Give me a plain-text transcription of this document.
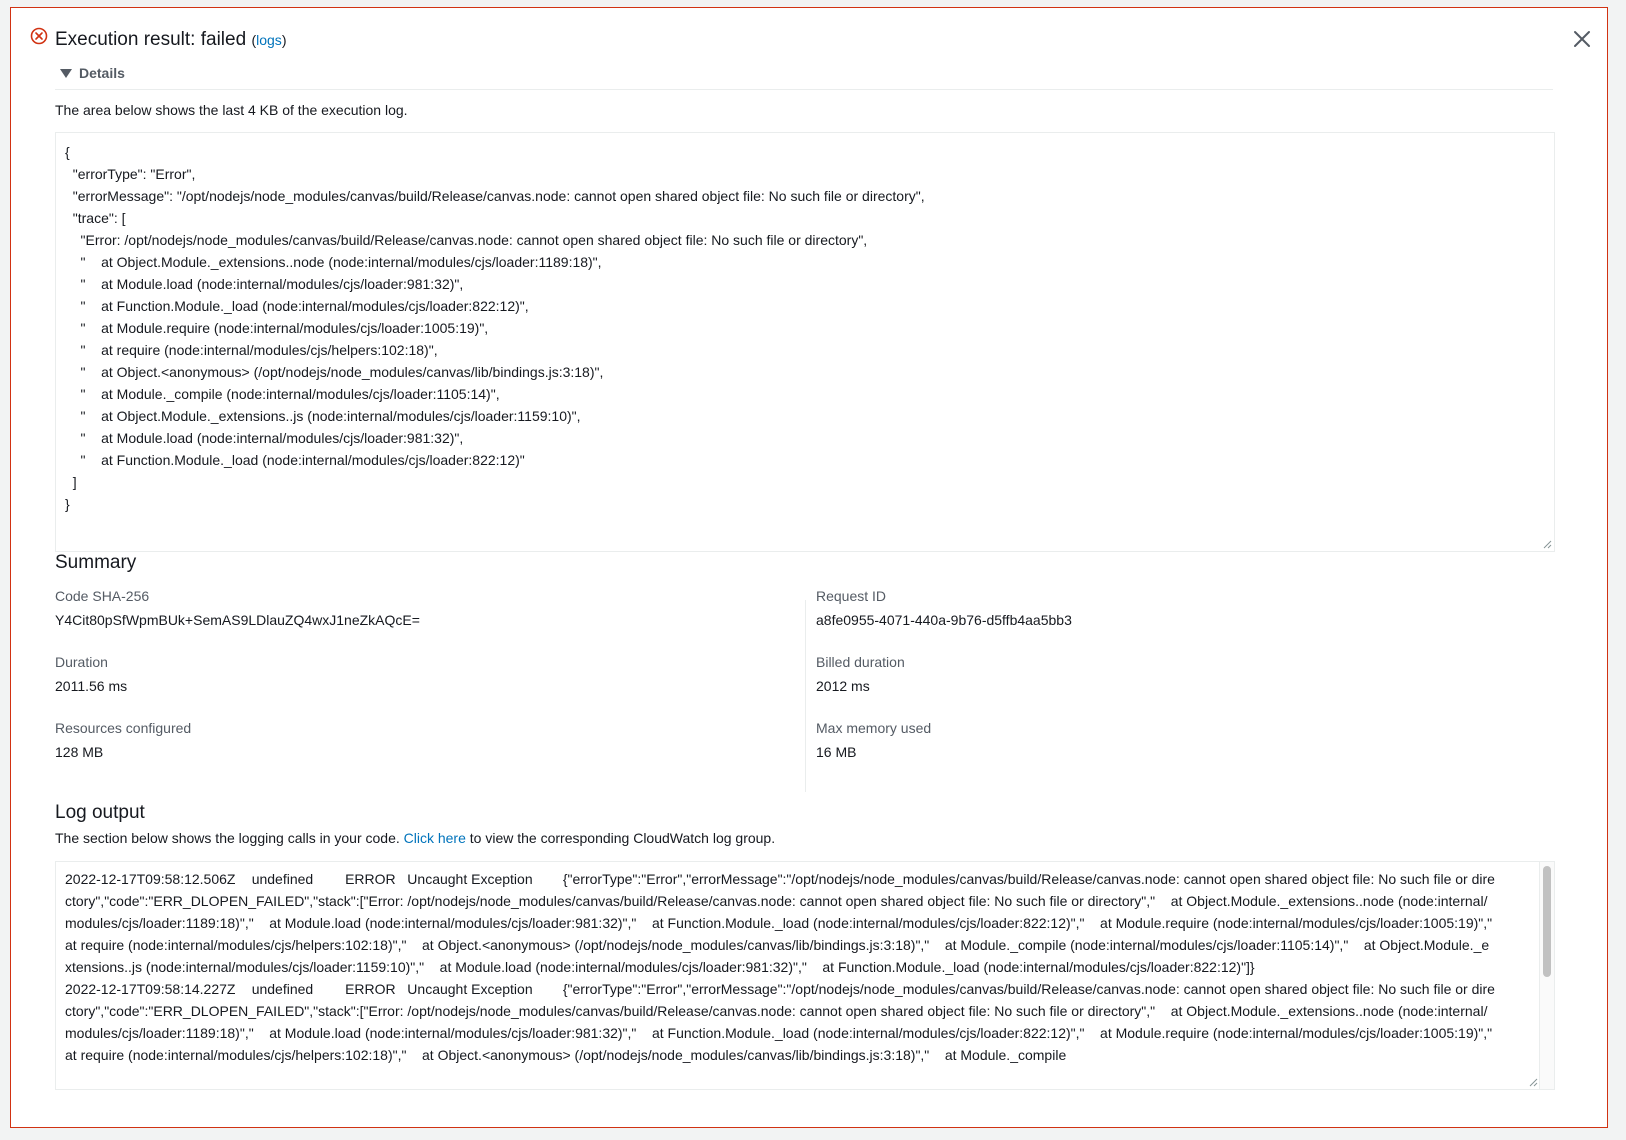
Execution result: failed (logs)
Details
The area below shows the last 4 KB of the execution log.
{
"errorType": "Error",
"errorMessage": "/opt/nodejs/node_modules/canvas/build/Release/canvas.node: cannot open shared object file: No such file or directory",
"trace": [
"Error: /opt/nodejs/node_modules/canvas/build/Release/canvas.node: cannot open shared object file: No such file or directory",
"    at Object.Module._extensions..node (node:internal/modules/cjs/loader:1189:18)",
"    at Module.load (node:internal/modules/cjs/loader:981:32)",
"    at Function.Module._load (node:internal/modules/cjs/loader:822:12)",
"    at Module.require (node:internal/modules/cjs/loader:1005:19)",
"    at require (node:internal/modules/cjs/helpers:102:18)",
"    at Object.<anonymous> (/opt/nodejs/node_modules/canvas/lib/bindings.js:3:18)",
"    at Module._compile (node:internal/modules/cjs/loader:1105:14)",
"    at Object.Module._extensions..js (node:internal/modules/cjs/loader:1159:10)",
"    at Module.load (node:internal/modules/cjs/loader:981:32)",
"    at Function.Module._load (node:internal/modules/cjs/loader:822:12)"
]
}
Summary
Code SHA-256
Y4Cit80pSfWpmBUk+SemAS9LDlauZQ4wxJ1neZkAQcE=
Request ID
a8fe0955-4071-440a-9b76-d5ffb4aa5bb3
Duration
2011.56 ms
Billed duration
2012 ms
Resources configured
128 MB
Max memory used
16 MB
Log output
The section below shows the logging calls in your code. Click here to view the corresponding CloudWatch log group.
2022-12-17T09:58:12.506Z	undefined	ERROR	Uncaught Exception	{"errorType":"Error","errorMessage":"/opt/nodejs/node_modules/canvas/build/Release/canvas.node: cannot open shared object file: No such file or directory","code":"ERR_DLOPEN_FAILED","stack":["Error: /opt/nodejs/node_modules/canvas/build/Release/canvas.node: cannot open shared object file: No such file or directory","    at Object.Module._extensions..node (node:internal/modules/cjs/loader:1189:18)","    at Module.load (node:internal/modules/cjs/loader:981:32)","    at Function.Module._load (node:internal/modules/cjs/loader:822:12)","    at Module.require (node:internal/modules/cjs/loader:1005:19)","    at require (node:internal/modules/cjs/helpers:102:18)","    at Object.<anonymous> (/opt/nodejs/node_modules/canvas/lib/bindings.js:3:18)","    at Module._compile (node:internal/modules/cjs/loader:1105:14)","    at Object.Module._extensions..js (node:internal/modules/cjs/loader:1159:10)","    at Module.load (node:internal/modules/cjs/loader:981:32)","    at Function.Module._load (node:internal/modules/cjs/loader:822:12)"]}
2022-12-17T09:58:14.227Z	undefined	ERROR	Uncaught Exception	{"errorType":"Error","errorMessage":"/opt/nodejs/node_modules/canvas/build/Release/canvas.node: cannot open shared object file: No such file or directory","code":"ERR_DLOPEN_FAILED","stack":["Error: /opt/nodejs/node_modules/canvas/build/Release/canvas.node: cannot open shared object file: No such file or directory","    at Object.Module._extensions..node (node:internal/modules/cjs/loader:1189:18)","    at Module.load (node:internal/modules/cjs/loader:981:32)","    at Function.Module._load (node:internal/modules/cjs/loader:822:12)","    at Module.require (node:internal/modules/cjs/loader:1005:19)","    at require (node:internal/modules/cjs/helpers:102:18)","    at Object.<anonymous> (/opt/nodejs/node_modules/canvas/lib/bindings.js:3:18)","    at Module._compile
